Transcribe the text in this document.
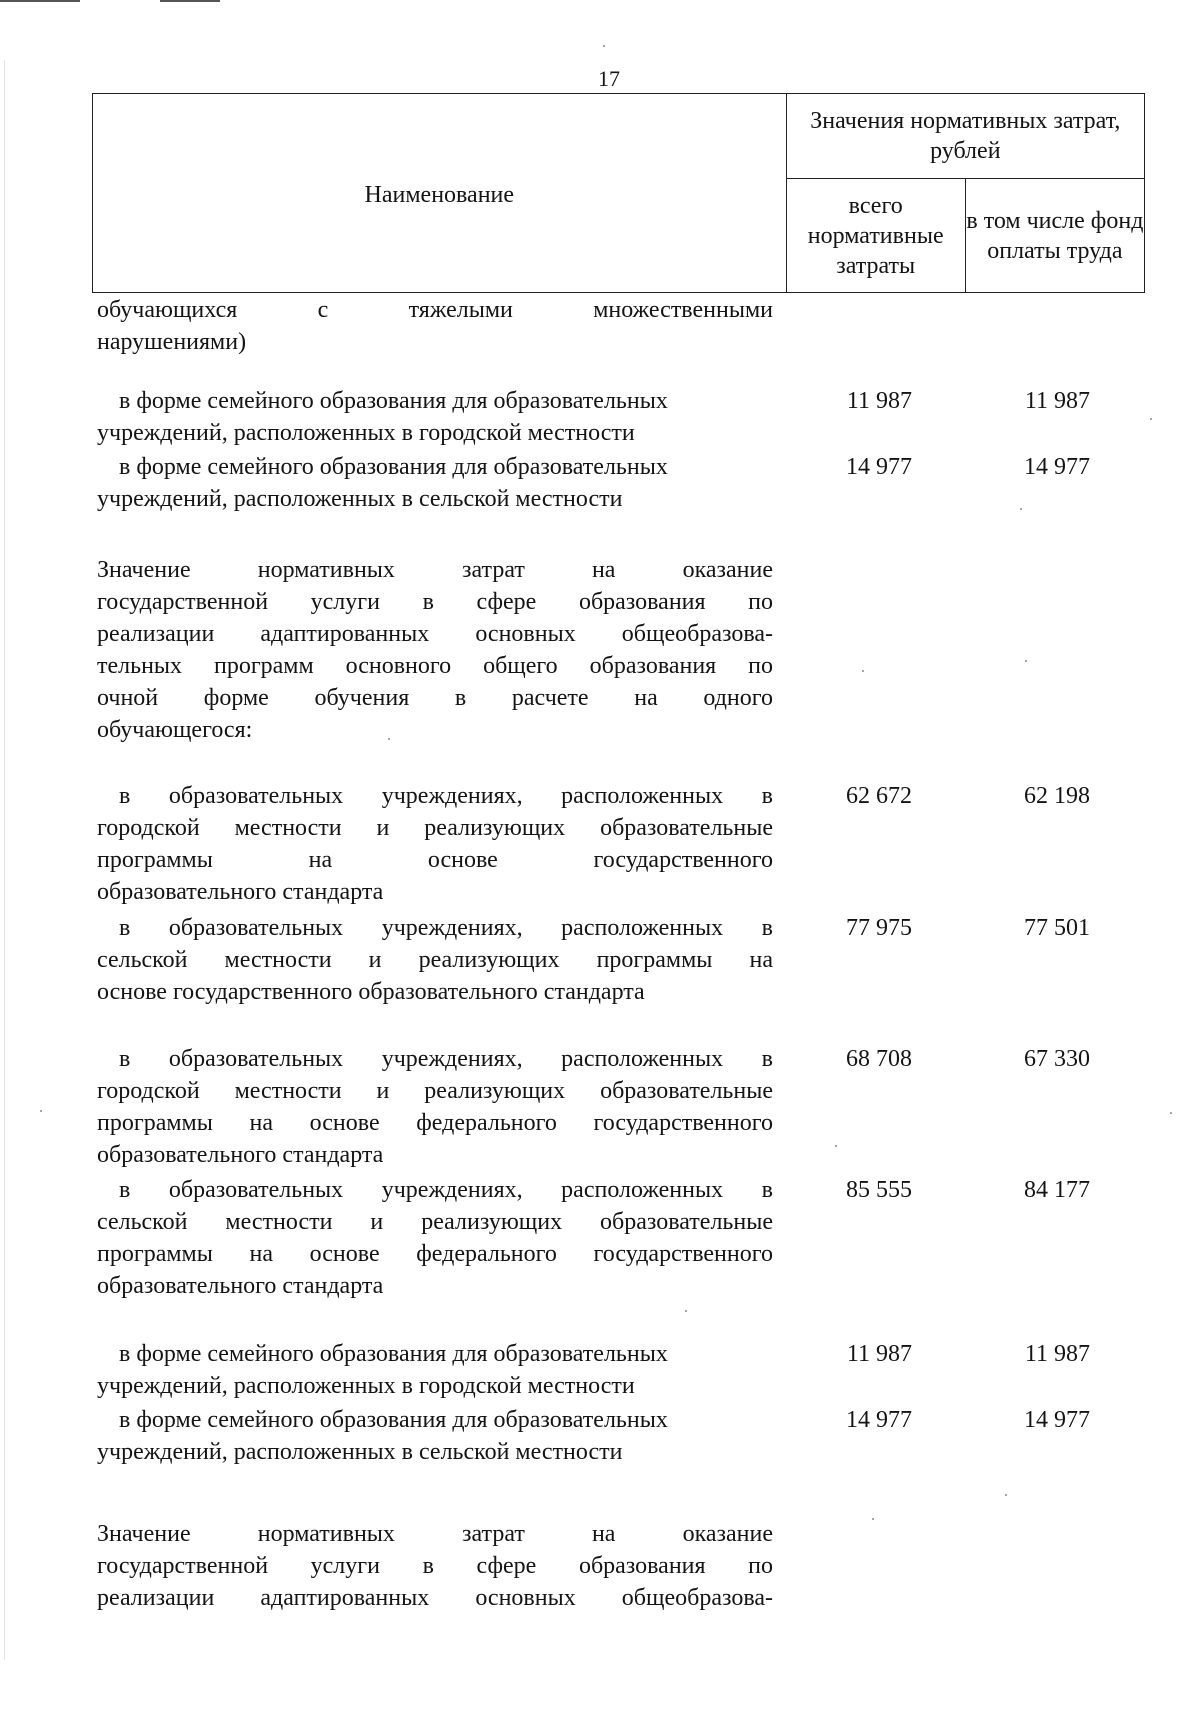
17
Наименование	Значения нормативных затрат, рублей	
	всего нормативные затраты	в том числе фонд оплаты труда
обучающихся с тяжелыми множественными
нарушениями)
в форме семейного образования для образовательных
учреждений, расположенных в городской местности
11 987	11 987
в форме семейного образования для образовательных
учреждений, расположенных в сельской местности
14 977	14 977
Значение нормативных затрат на оказание
государственной услуги в сфере образования по
реализации адаптированных основных общеобразова-
тельных программ основного общего образования по
очной форме обучения в расчете на одного
обучающегося:
в образовательных учреждениях, расположенных в
городской местности и реализующих образовательные
программы на основе государственного
образовательного стандарта
62 672	62 198
в образовательных учреждениях, расположенных в
сельской местности и реализующих программы на
основе государственного образовательного стандарта
77 975	77 501
в образовательных учреждениях, расположенных в
городской местности и реализующих образовательные
программы на основе федерального государственного
образовательного стандарта
68 708	67 330
в образовательных учреждениях, расположенных в
сельской местности и реализующих образовательные
программы на основе федерального государственного
образовательного стандарта
85 555	84 177
в форме семейного образования для образовательных
учреждений, расположенных в городской местности
11 987	11 987
в форме семейного образования для образовательных
учреждений, расположенных в сельской местности
14 977	14 977
Значение нормативных затрат на оказание
государственной услуги в сфере образования по
реализации адаптированных основных общеобразова-
